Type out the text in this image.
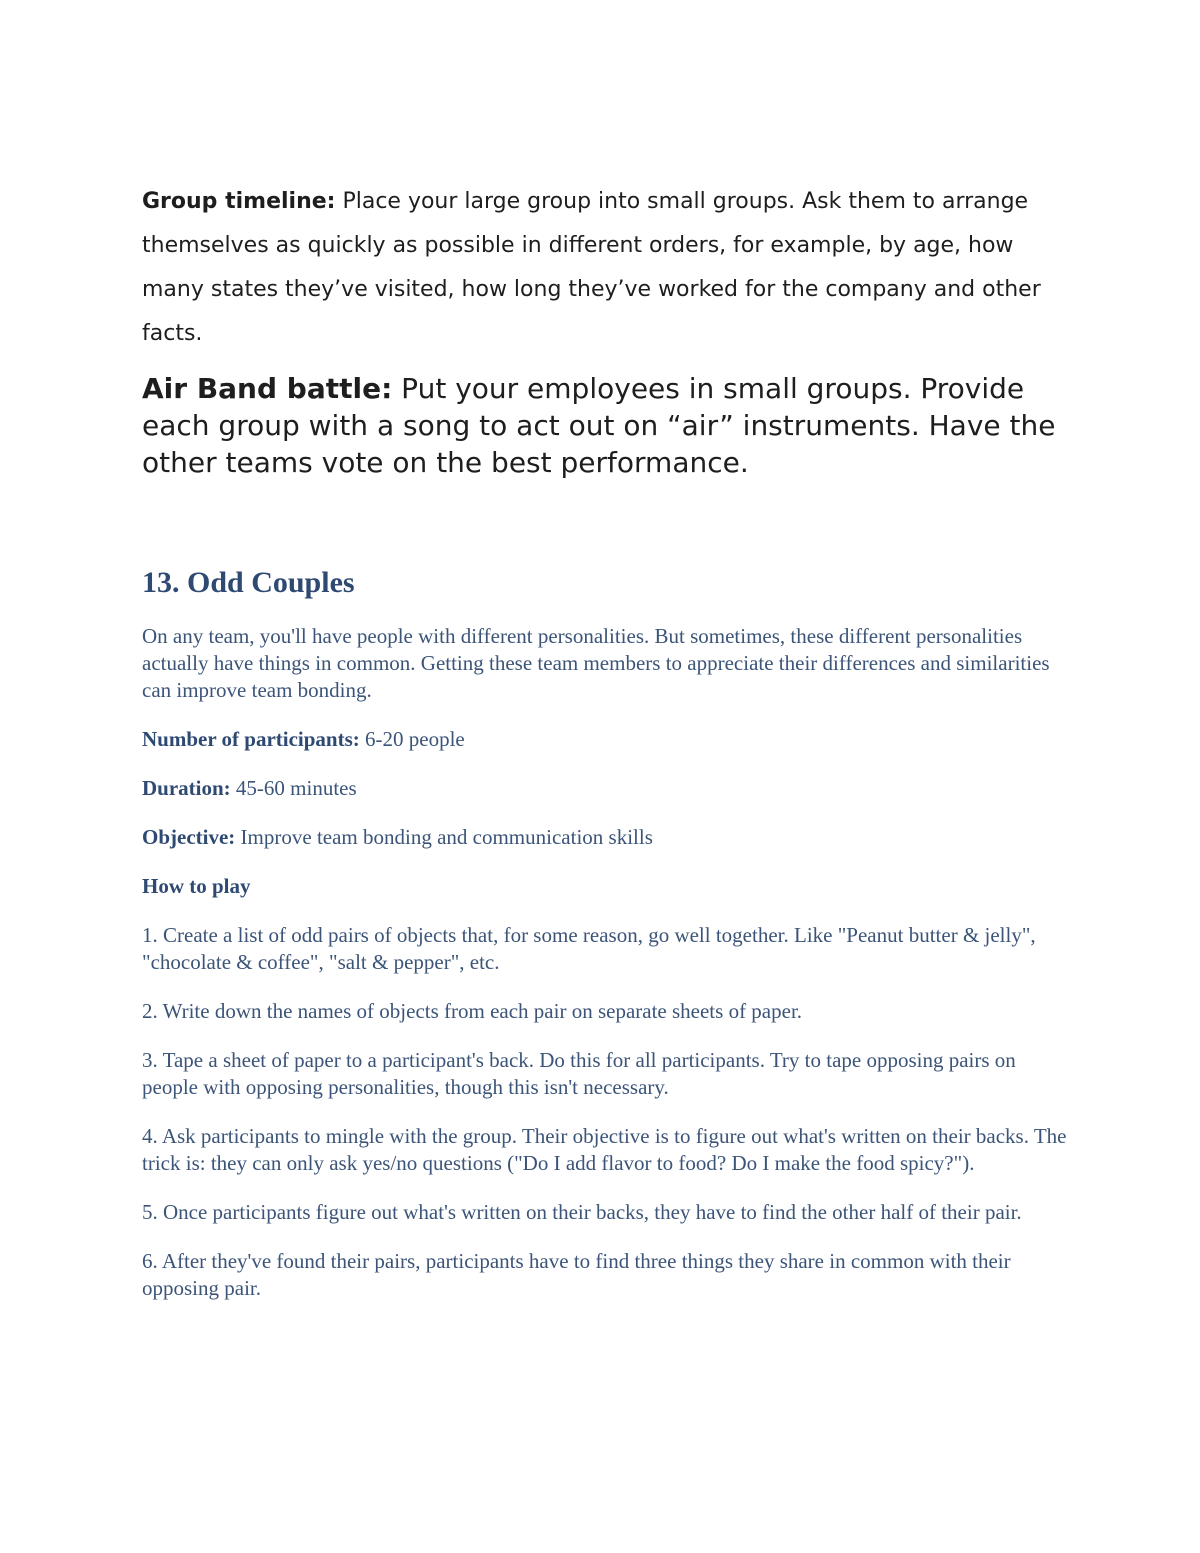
Group timeline: Place your large group into small groups. Ask them to arrange themselves as quickly as possible in different orders, for example, by age, how many states they’ve visited, how long they’ve worked for the company and other facts.

Air Band battle: Put your employees in small groups. Provide each group with a song to act out on “air” instruments. Have the other teams vote on the best performance.

13. Odd Couples

On any team, you'll have people with different personalities. But sometimes, these different personalities actually have things in common. Getting these team members to appreciate their differences and similarities can improve team bonding.

Number of participants: 6-20 people

Duration: 45-60 minutes

Objective: Improve team bonding and communication skills

How to play

1. Create a list of odd pairs of objects that, for some reason, go well together. Like "Peanut butter & jelly", "chocolate & coffee", "salt & pepper", etc.

2. Write down the names of objects from each pair on separate sheets of paper.

3. Tape a sheet of paper to a participant's back. Do this for all participants. Try to tape opposing pairs on people with opposing personalities, though this isn't necessary.

4. Ask participants to mingle with the group. Their objective is to figure out what's written on their backs. The trick is: they can only ask yes/no questions ("Do I add flavor to food? Do I make the food spicy?").

5. Once participants figure out what's written on their backs, they have to find the other half of their pair.

6. After they've found their pairs, participants have to find three things they share in common with their opposing pair.
